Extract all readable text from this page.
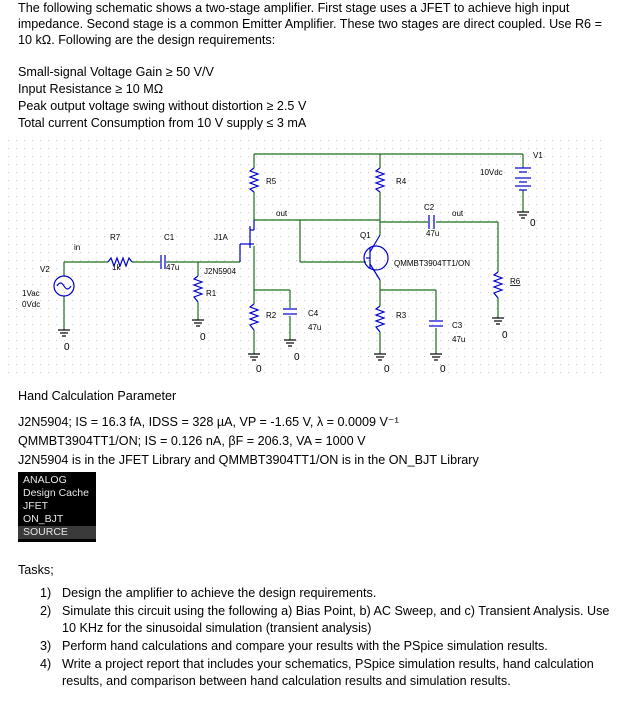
The following schematic shows a two-stage amplifier. First stage uses a JFET to achieve high input impedance. Second stage is a common Emitter Amplifier. These two stages are direct coupled. Use R6 = 10 kΩ. Following are the design requirements:
Small-signal Voltage Gain ≥ 50 V/V
Input Resistance ≥ 10 MΩ
Peak output voltage swing without distortion ≥ 2.5 V
Total current Consumption from 10 V supply ≤ 3 mA
V1
10Vdc
R5	R4
out	out
C2
47u
Q1
QMMBT3904TT1/ON
R7
1k
C1
47u
J1A
J2N5904
R1
R2	C4
47u
R3
C3
47u
R6
V2
1Vac
0Vdc
in
0
0
0
0
0	0
0
0
Hand Calculation Parameter
J2N5904; IS = 16.3 fA, IDSS = 328 µA, VP = -1.65 V, λ = 0.0009 V⁻¹
QMMBT3904TT1/ON; IS = 0.126 nA, βF = 206.3, VA = 1000 V
J2N5904 is in the JFET Library and QMMBT3904TT1/ON is in the ON_BJT Library
ANALOG
Design Cache
JFET
ON_BJT
SOURCE
Tasks;
1) Design the amplifier to achieve the design requirements.
2) Simulate this circuit using the following a) Bias Point, b) AC Sweep, and c) Transient Analysis. Use 10 KHz for the sinusoidal simulation (transient analysis)
3) Perform hand calculations and compare your results with the PSpice simulation results.
4) Write a project report that includes your schematics, PSpice simulation results, hand calculation results, and comparison between hand calculation results and simulation results.
